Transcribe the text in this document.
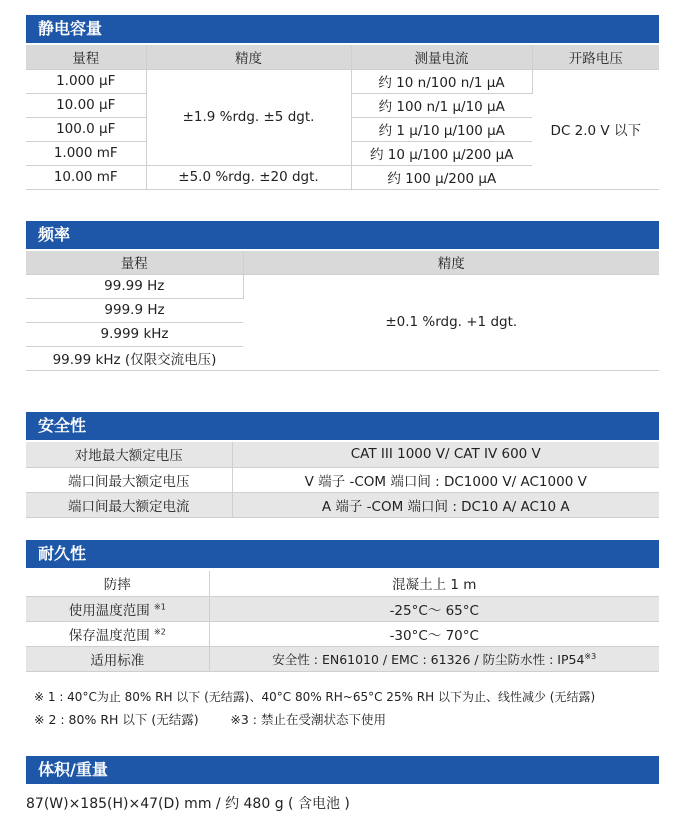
静电容量
量程	精度	测量电流	开路电压
1.000 μF	±1.9 %rdg. ±5 dgt.	约 10 n/100 n/1 μA	DC 2.0 V 以下
10.00 μF		约 100 n/1 μ/10 μA	
100.0 μF		约 1 μ/10 μ/100 μA	
1.000 mF		约 10 μ/100 μ/200 μA	
10.00 mF	±5.0 %rdg. ±20 dgt.	约 100 μ/200 μA	
频率
量程	精度
99.99 Hz	±0.1 %rdg. +1 dgt.
999.9 Hz	
9.999 kHz	
99.99 kHz (仅限交流电压)	
安全性
对地最大额定电压	CAT III 1000 V/ CAT IV 600 V
端口间最大额定电压	V 端子 -COM 端口间 : DC1000 V/ AC1000 V
端口间最大额定电流	A 端子 -COM 端口间 : DC10 A/ AC10 A
耐久性
防摔	混凝土上 1 m
使用温度范围 $^{※1}$	-25°C～ 65°C
保存温度范围 $^{※2}$	-30°C～ 70°C
适用标准	安全性 : EN61010 / EMC : 61326 / 防尘防水性 : IP54$^{※3}$
※ 1 : 40°C为止 80% RH 以下 (无结露)、40°C 80% RH~65°C 25% RH 以下为止、线性减少 (无结露)
※ 2 : 80% RH 以下 (无结露)        ※3 : 禁止在受潮状态下使用
体积/重量
87(W)×185(H)×47(D) mm / 约 480 g ( 含电池 )
